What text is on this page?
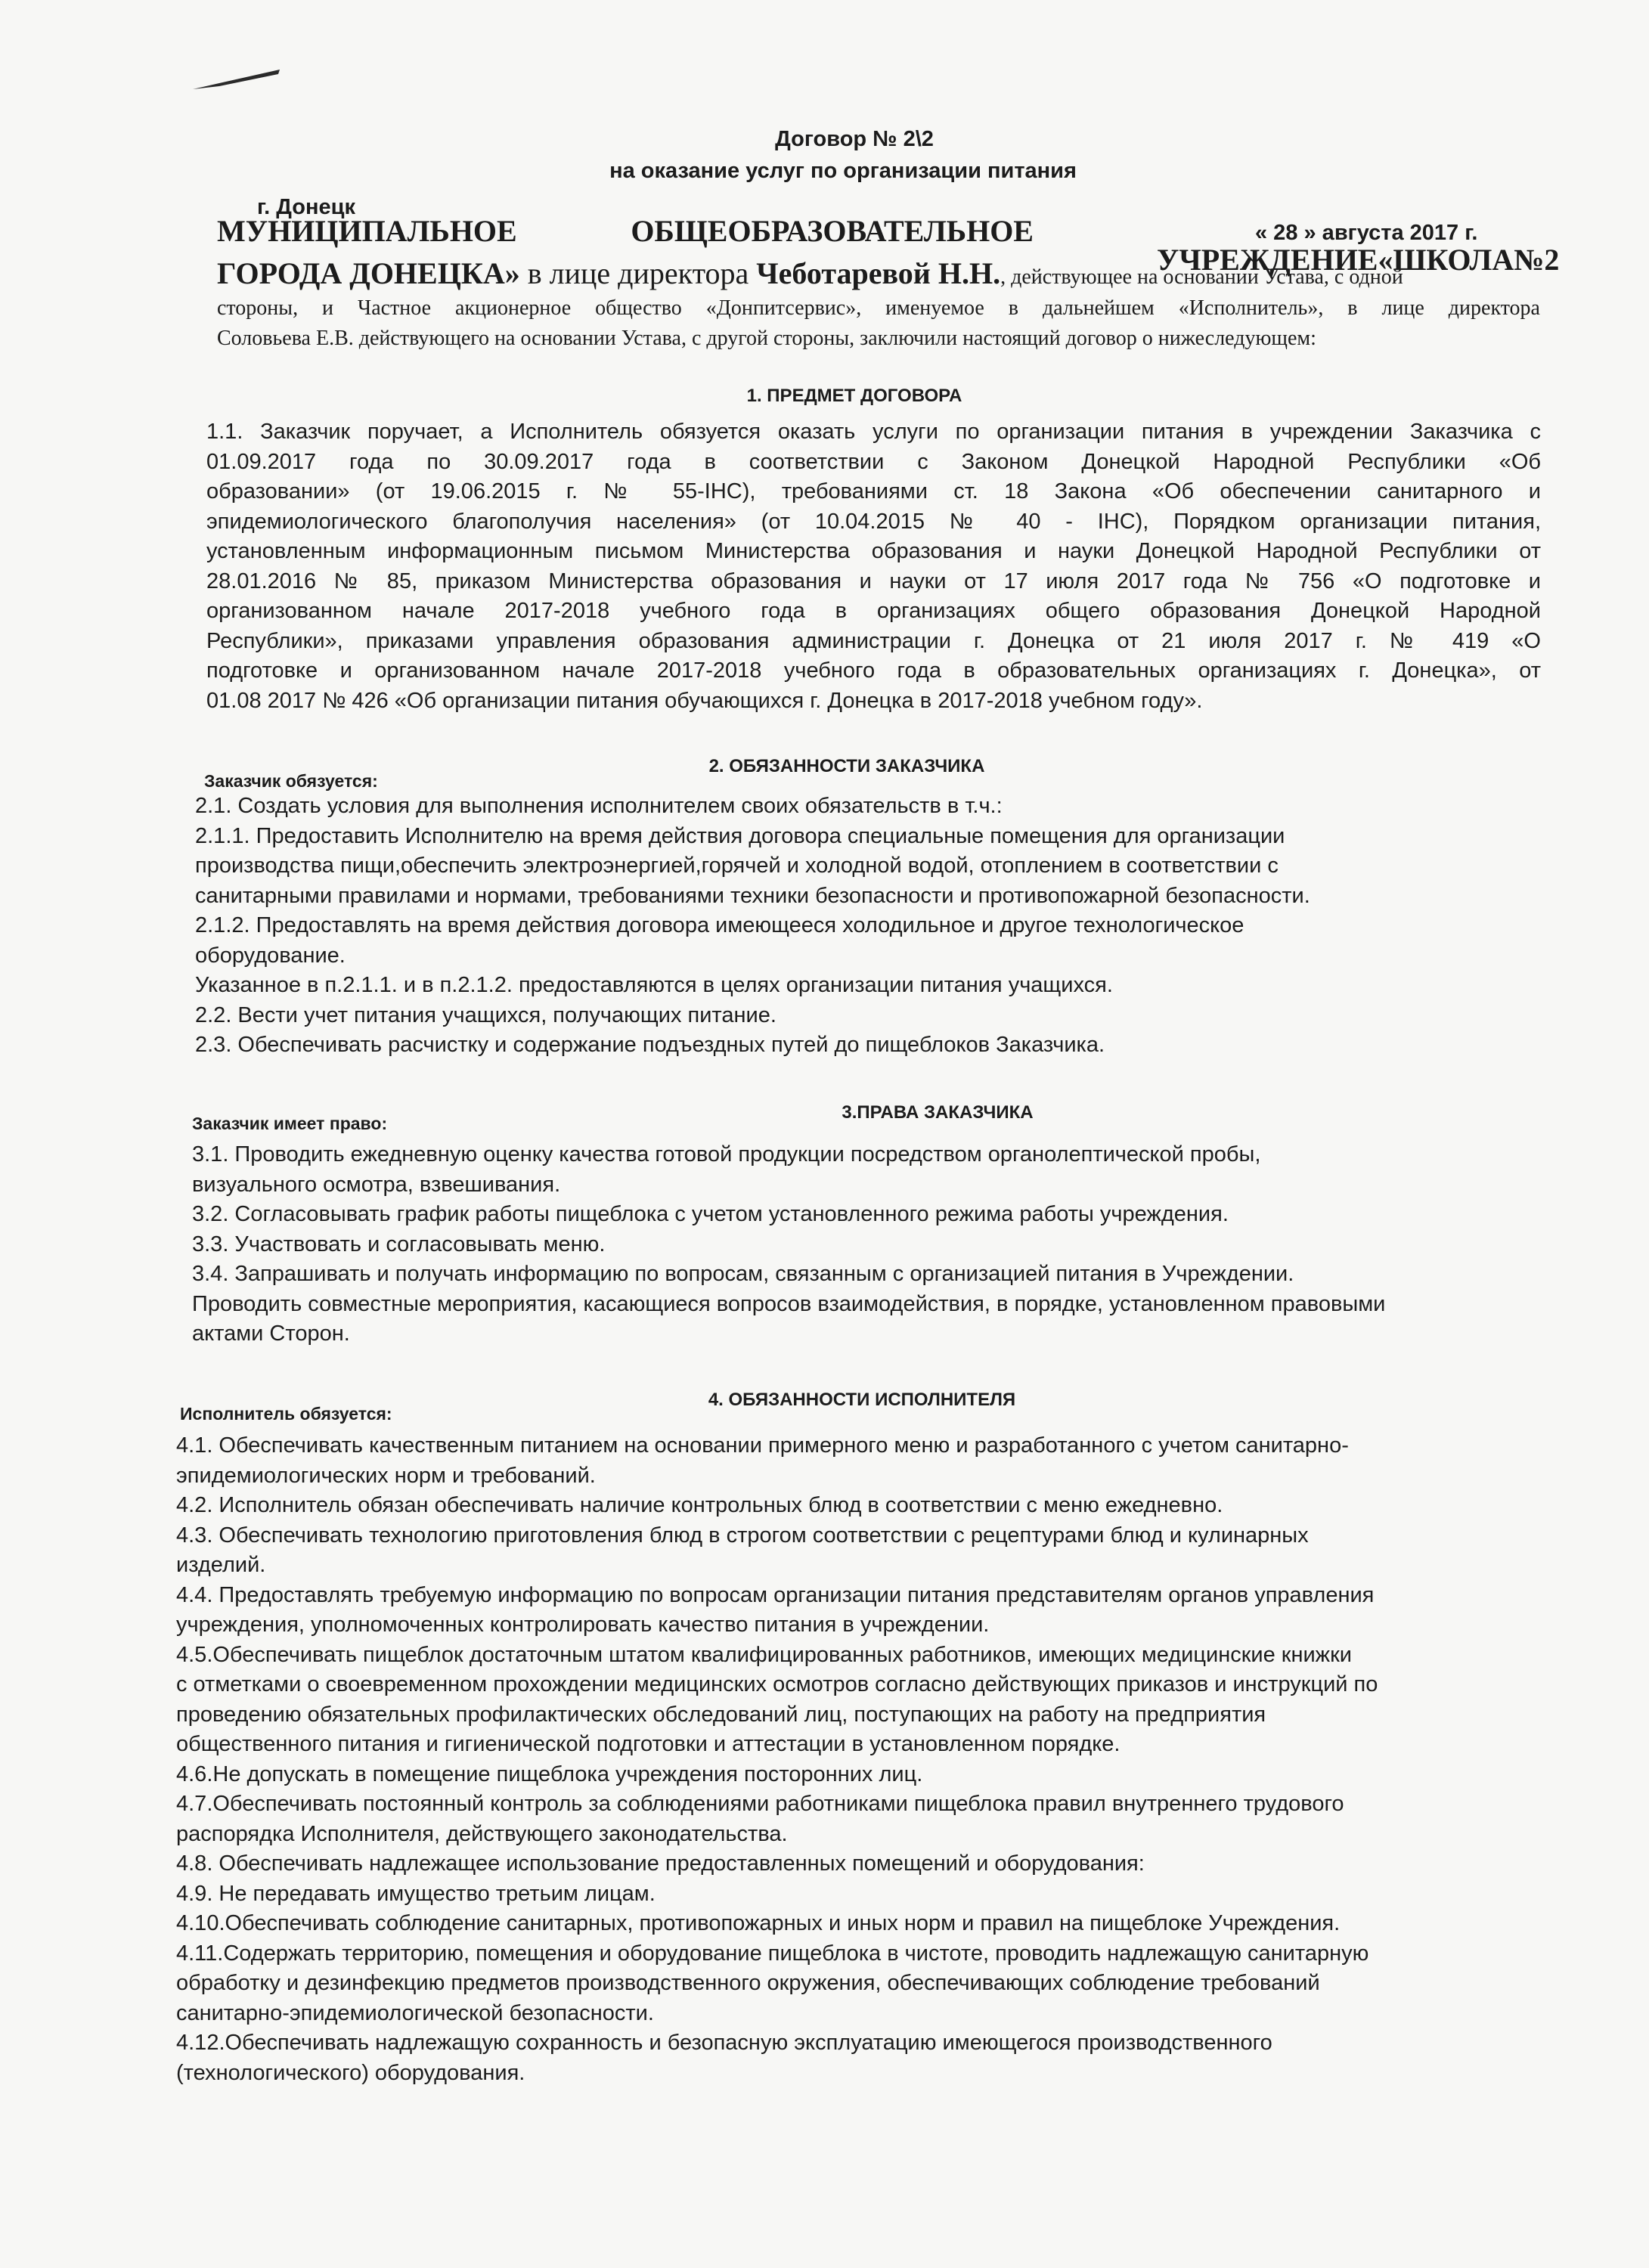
Договор № 2\2
на оказание услуг по организации питания
г. Донецк
« 28 » августа 2017 г.
МУНИЦИПАЛЬНОЕ	ОБЩЕОБРАЗОВАТЕЛЬНОЕ
УЧРЕЖДЕНИЕ«ШКОЛА№2
ГОРОДА ДОНЕЦКА» в лице директора Чеботаревой Н.Н., действующее на основании Устава, с одной
стороны, и Частное акционерное общество «Донпитсервис», именуемое в дальнейшем «Исполнитель», в лице директора
Соловьева Е.В. действующего на основании Устава, с другой стороны, заключили настоящий договор о нижеследующем:
1. ПРЕДМЕТ ДОГОВОРА
1.1. Заказчик поручает, а Исполнитель обязуется оказать услуги по организации питания в учреждении Заказчика с
01.09.2017 года по 30.09.2017 года в соответствии с Законом Донецкой Народной Республики «Об
образовании» (от 19.06.2015 г. № 55-IНС), требованиями ст. 18 Закона «Об обеспечении санитарного и
эпидемиологического благополучия населения» (от 10.04.2015 № 40 - IНС), Порядком организации питания,
установленным информационным письмом Министерства образования и науки Донецкой Народной Республики от
28.01.2016 № 85, приказом Министерства образования и науки от 17 июля 2017 года № 756 «О подготовке и
организованном начале 2017-2018 учебного года в организациях общего образования Донецкой Народной
Республики», приказами управления образования администрации г. Донецка от 21 июля 2017 г. № 419 «О
подготовке и организованном начале 2017-2018 учебного года в образовательных организациях г. Донецка», от
01.08 2017 № 426 «Об организации питания обучающихся г. Донецка в 2017-2018 учебном году».
2. ОБЯЗАННОСТИ ЗАКАЗЧИКА
Заказчик обязуется:
2.1. Создать условия для выполнения исполнителем своих обязательств в т.ч.:
2.1.1. Предоставить Исполнителю на время действия договора специальные помещения для организации
производства пищи,обеспечить электроэнергией,горячей и холодной водой, отоплением в соответствии с
санитарными правилами и нормами, требованиями техники безопасности и противопожарной безопасности.
2.1.2. Предоставлять на время действия договора имеющееся холодильное и другое технологическое
оборудование.
Указанное в п.2.1.1. и в п.2.1.2. предоставляются в целях организации питания учащихся.
2.2. Вести учет питания учащихся, получающих питание.
2.3. Обеспечивать расчистку и содержание подъездных путей до пищеблоков Заказчика.
3.ПРАВА ЗАКАЗЧИКА
Заказчик имеет право:
3.1. Проводить ежедневную оценку качества готовой продукции посредством органолептической пробы,
визуального осмотра, взвешивания.
3.2. Согласовывать график работы пищеблока с учетом установленного режима работы учреждения.
3.3. Участвовать и согласовывать меню.
3.4. Запрашивать и получать информацию по вопросам, связанным с организацией питания в Учреждении.
Проводить совместные мероприятия, касающиеся вопросов взаимодействия, в порядке, установленном правовыми
актами Сторон.
4. ОБЯЗАННОСТИ ИСПОЛНИТЕЛЯ
Исполнитель обязуется:
4.1. Обеспечивать качественным питанием на основании примерного меню и разработанного с учетом санитарно-
эпидемиологических норм и требований.
4.2. Исполнитель обязан обеспечивать наличие контрольных блюд в соответствии с меню ежедневно.
4.3. Обеспечивать технологию приготовления блюд в строгом соответствии с рецептурами блюд и кулинарных
изделий.
4.4. Предоставлять требуемую информацию по вопросам организации питания представителям органов управления
учреждения, уполномоченных контролировать качество питания в учреждении.
4.5.Обеспечивать пищеблок достаточным штатом квалифицированных работников, имеющих медицинские книжки
с отметками о своевременном прохождении медицинских осмотров согласно действующих приказов и инструкций по
проведению обязательных профилактических обследований лиц, поступающих на работу на предприятия
общественного питания и гигиенической подготовки и аттестации в установленном порядке.
4.6.Не допускать в помещение пищеблока учреждения посторонних лиц.
4.7.Обеспечивать постоянный контроль за соблюдениями работниками пищеблока правил внутреннего трудового
распорядка Исполнителя, действующего законодательства.
4.8. Обеспечивать надлежащее использование предоставленных помещений и оборудования:
4.9. Не передавать имущество третьим лицам.
4.10.Обеспечивать соблюдение санитарных, противопожарных и иных норм и правил на пищеблоке Учреждения.
4.11.Содержать территорию, помещения и оборудование пищеблока в чистоте, проводить надлежащую санитарную
обработку и дезинфекцию предметов производственного окружения, обеспечивающих соблюдение требований
санитарно-эпидемиологической безопасности.
4.12.Обеспечивать надлежащую сохранность и безопасную эксплуатацию имеющегося производственного
(технологического) оборудования.
